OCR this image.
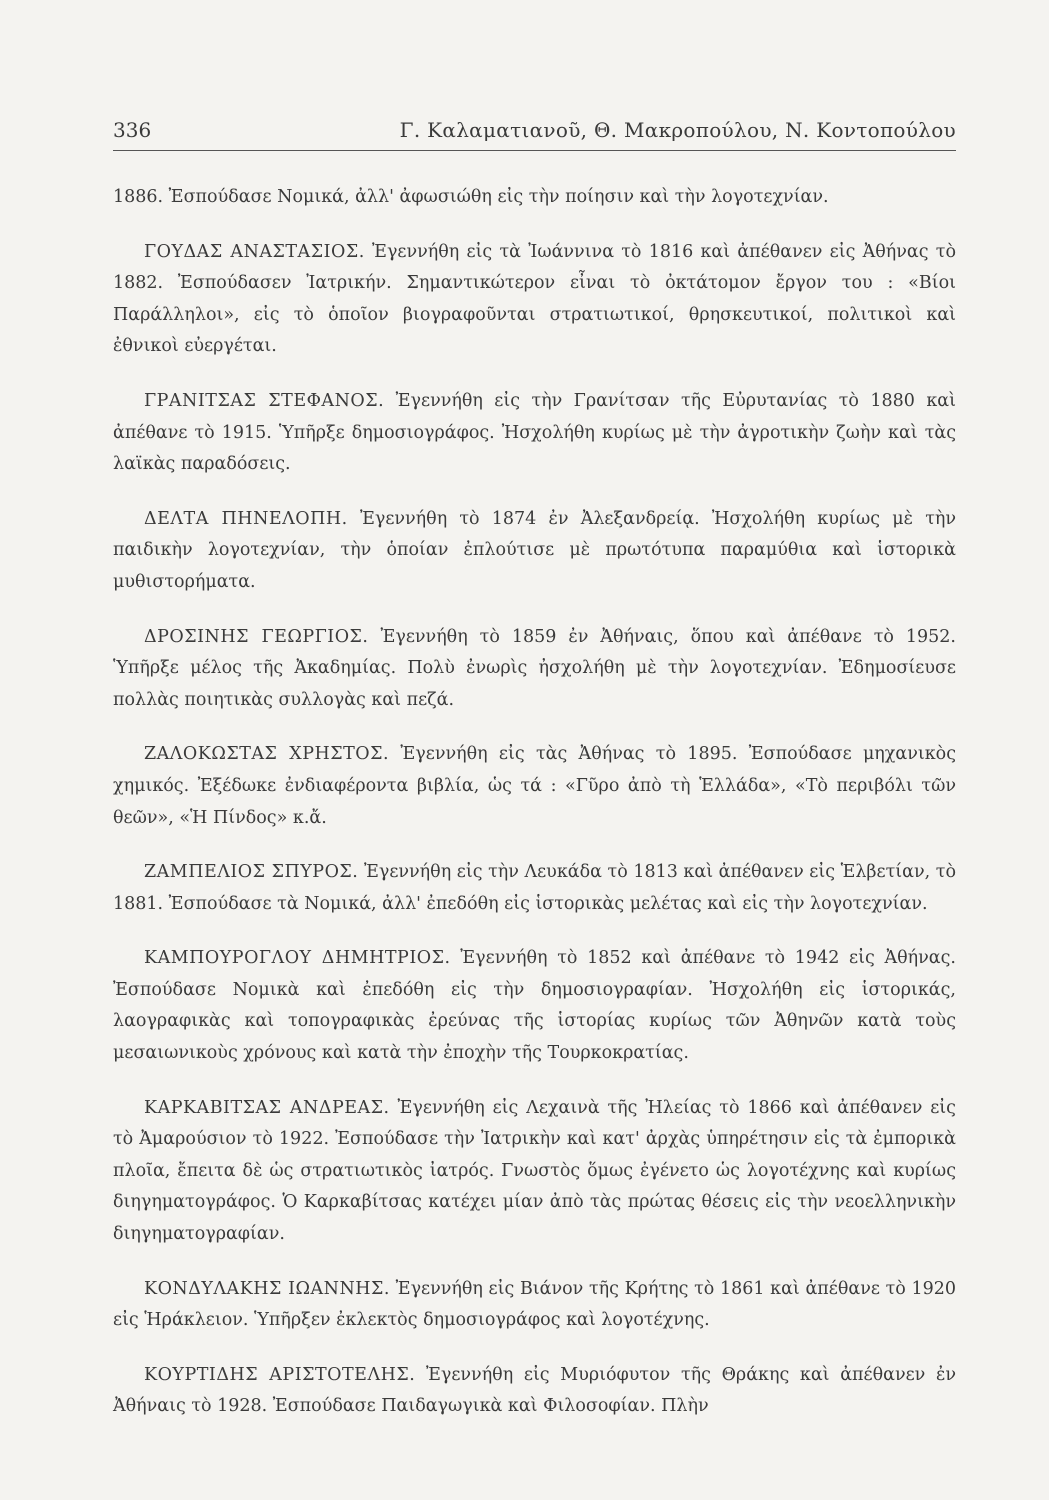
336	Γ. Καλαματιανοῦ, Θ. Μακροπούλου, Ν. Κοντοπούλου

1886. Ἐσπούδασε Νομικά, ἀλλ' ἀφωσιώθη εἰς τὴν ποίησιν καὶ τὴν λογοτεχνίαν.

ΓΟΥΔΑΣ ΑΝΑΣΤΑΣΙΟΣ. Ἐγεννήθη εἰς τὰ Ἰωάννινα τὸ 1816 καὶ ἀπέθανεν εἰς Ἀθήνας τὸ 1882. Ἐσπούδασεν Ἰατρικήν. Σημαντικώτερον εἶναι τὸ ὀκτάτομον ἔργον του : «Βίοι Παράλληλοι», εἰς τὸ ὁποῖον βιογραφοῦνται στρατιωτικοί, θρησκευτικοί, πολιτικοὶ καὶ ἐθνικοὶ εὐεργέται.

ΓΡΑΝΙΤΣΑΣ ΣΤΕΦΑΝΟΣ. Ἐγεννήθη εἰς τὴν Γρανίτσαν τῆς Εὐρυτανίας τὸ 1880 καὶ ἀπέθανε τὸ 1915. Ὑπῆρξε δημοσιογράφος. Ἠσχολήθη κυρίως μὲ τὴν ἀγροτικὴν ζωὴν καὶ τὰς λαϊκὰς παραδόσεις.

ΔΕΛΤΑ ΠΗΝΕΛΟΠΗ. Ἐγεννήθη τὸ 1874 ἐν Ἀλεξανδρείᾳ. Ἠσχολήθη κυρίως μὲ τὴν παιδικὴν λογοτεχνίαν, τὴν ὁποίαν ἐπλούτισε μὲ πρωτότυπα παραμύθια καὶ ἱστορικὰ μυθιστορήματα.

ΔΡΟΣΙΝΗΣ ΓΕΩΡΓΙΟΣ. Ἐγεννήθη τὸ 1859 ἐν Ἀθήναις, ὅπου καὶ ἀπέθανε τὸ 1952. Ὑπῆρξε μέλος τῆς Ἀκαδημίας. Πολὺ ἐνωρὶς ἠσχολήθη μὲ τὴν λογοτεχνίαν. Ἐδημοσίευσε πολλὰς ποιητικὰς συλλογὰς καὶ πεζά.

ΖΑΛΟΚΩΣΤΑΣ ΧΡΗΣΤΟΣ. Ἐγεννήθη εἰς τὰς Ἀθήνας τὸ 1895. Ἐσπούδασε μηχανικὸς χημικός. Ἐξέδωκε ἐνδιαφέροντα βιβλία, ὡς τά : «Γῦρο ἀπὸ τὴ Ἑλλάδα», «Τὸ περιβόλι τῶν θεῶν», «Ἡ Πίνδος» κ.ἄ.

ΖΑΜΠΕΛΙΟΣ ΣΠΥΡΟΣ. Ἐγεννήθη εἰς τὴν Λευκάδα τὸ 1813 καὶ ἀπέθανεν εἰς Ἑλβετίαν, τὸ 1881. Ἐσπούδασε τὰ Νομικά, ἀλλ' ἐπεδόθη εἰς ἱστορικὰς μελέτας καὶ εἰς τὴν λογοτεχνίαν.

ΚΑΜΠΟΥΡΟΓΛΟΥ ΔΗΜΗΤΡΙΟΣ. Ἐγεννήθη τὸ 1852 καὶ ἀπέθανε τὸ 1942 εἰς Ἀθήνας. Ἐσπούδασε Νομικὰ καὶ ἐπεδόθη εἰς τὴν δημοσιογραφίαν. Ἠσχολήθη εἰς ἱστορικάς, λαογραφικὰς καὶ τοπογραφικὰς ἐρεύνας τῆς ἱστορίας κυρίως τῶν Ἀθηνῶν κατὰ τοὺς μεσαιωνικοὺς χρόνους καὶ κατὰ τὴν ἐποχὴν τῆς Τουρκοκρατίας.

ΚΑΡΚΑΒΙΤΣΑΣ ΑΝΔΡΕΑΣ. Ἐγεννήθη εἰς Λεχαινὰ τῆς Ἠλείας τὸ 1866 καὶ ἀπέθανεν εἰς τὸ Ἀμαρούσιον τὸ 1922. Ἐσπούδασε τὴν Ἰατρικὴν καὶ κατ' ἀρχὰς ὑπηρέτησιν εἰς τὰ ἐμπορικὰ πλοῖα, ἔπειτα δὲ ὡς στρατιωτικὸς ἰατρός. Γνωστὸς ὅμως ἐγένετο ὡς λογοτέχνης καὶ κυρίως διηγηματογράφος. Ὁ Καρκαβίτσας κατέχει μίαν ἀπὸ τὰς πρώτας θέσεις εἰς τὴν νεοελληνικὴν διηγηματογραφίαν.

ΚΟΝΔΥΛΑΚΗΣ ΙΩΑΝΝΗΣ. Ἐγεννήθη εἰς Βιάνον τῆς Κρήτης τὸ 1861 καὶ ἀπέθανε τὸ 1920 εἰς Ἡράκλειον. Ὑπῆρξεν ἐκλεκτὸς δημοσιογράφος καὶ λογοτέχνης.

ΚΟΥΡΤΙΔΗΣ ΑΡΙΣΤΟΤΕΛΗΣ. Ἐγεννήθη εἰς Μυριόφυτον τῆς Θράκης καὶ ἀπέθανεν ἐν Ἀθήναις τὸ 1928. Ἐσπούδασε Παιδαγωγικὰ καὶ Φιλοσοφίαν. Πλὴν
